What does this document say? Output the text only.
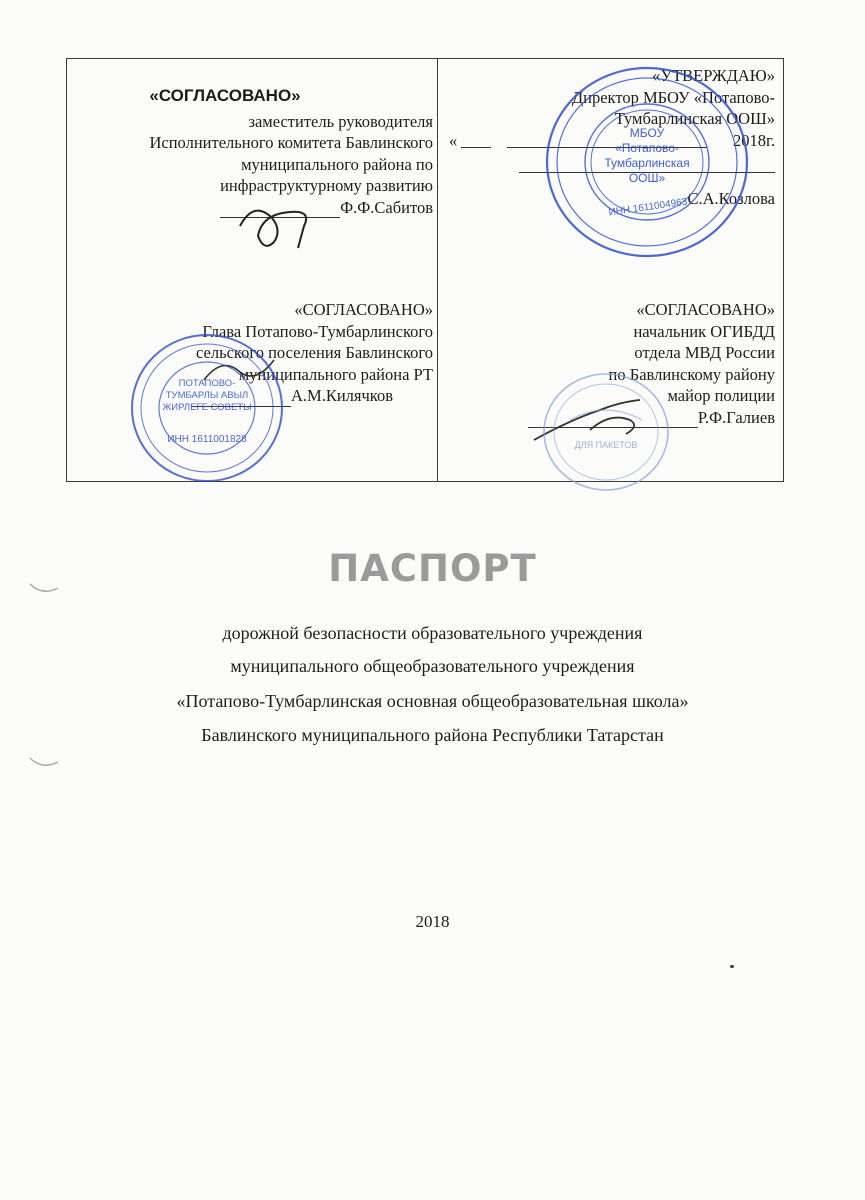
«СОГЛАСОВАНО»
заместитель руководителя
Исполнительного комитета Бавлинского
муниципального района по
инфраструктурному развитию
Ф.Ф.Сабитов
«УТВЕРЖДАЮ»
Директор МБОУ «Потапово-
Тумбарлинская ООШ»
«	2018г.
С.А.Козлова
«СОГЛАСОВАНО»
Глава Потапово-Тумбарлинского
сельского поселения Бавлинского
муниципального района РТ
А.М.Килячков
«СОГЛАСОВАНО»
начальник ОГИБДД
отдела МВД России
по Бавлинскому району
майор полиции
Р.Ф.Галиев
МБОУ «Потапово-Тумбарлинская ООШ»
ИНН 1611004963
ПОТАПОВО-ТУМБАРЛЫ АВЫЛ ЖИРЛЕГЕ СОВЕТЫ
ИНН 1611001828	ДЛЯ ПАКЕТОВ
ПАСПОРТ
дорожной безопасности образовательного учреждения
муниципального общеобразовательного учреждения
«Потапово-Тумбарлинская основная общеобразовательная школа»
Бавлинского муниципального района Республики Татарстан
2018
